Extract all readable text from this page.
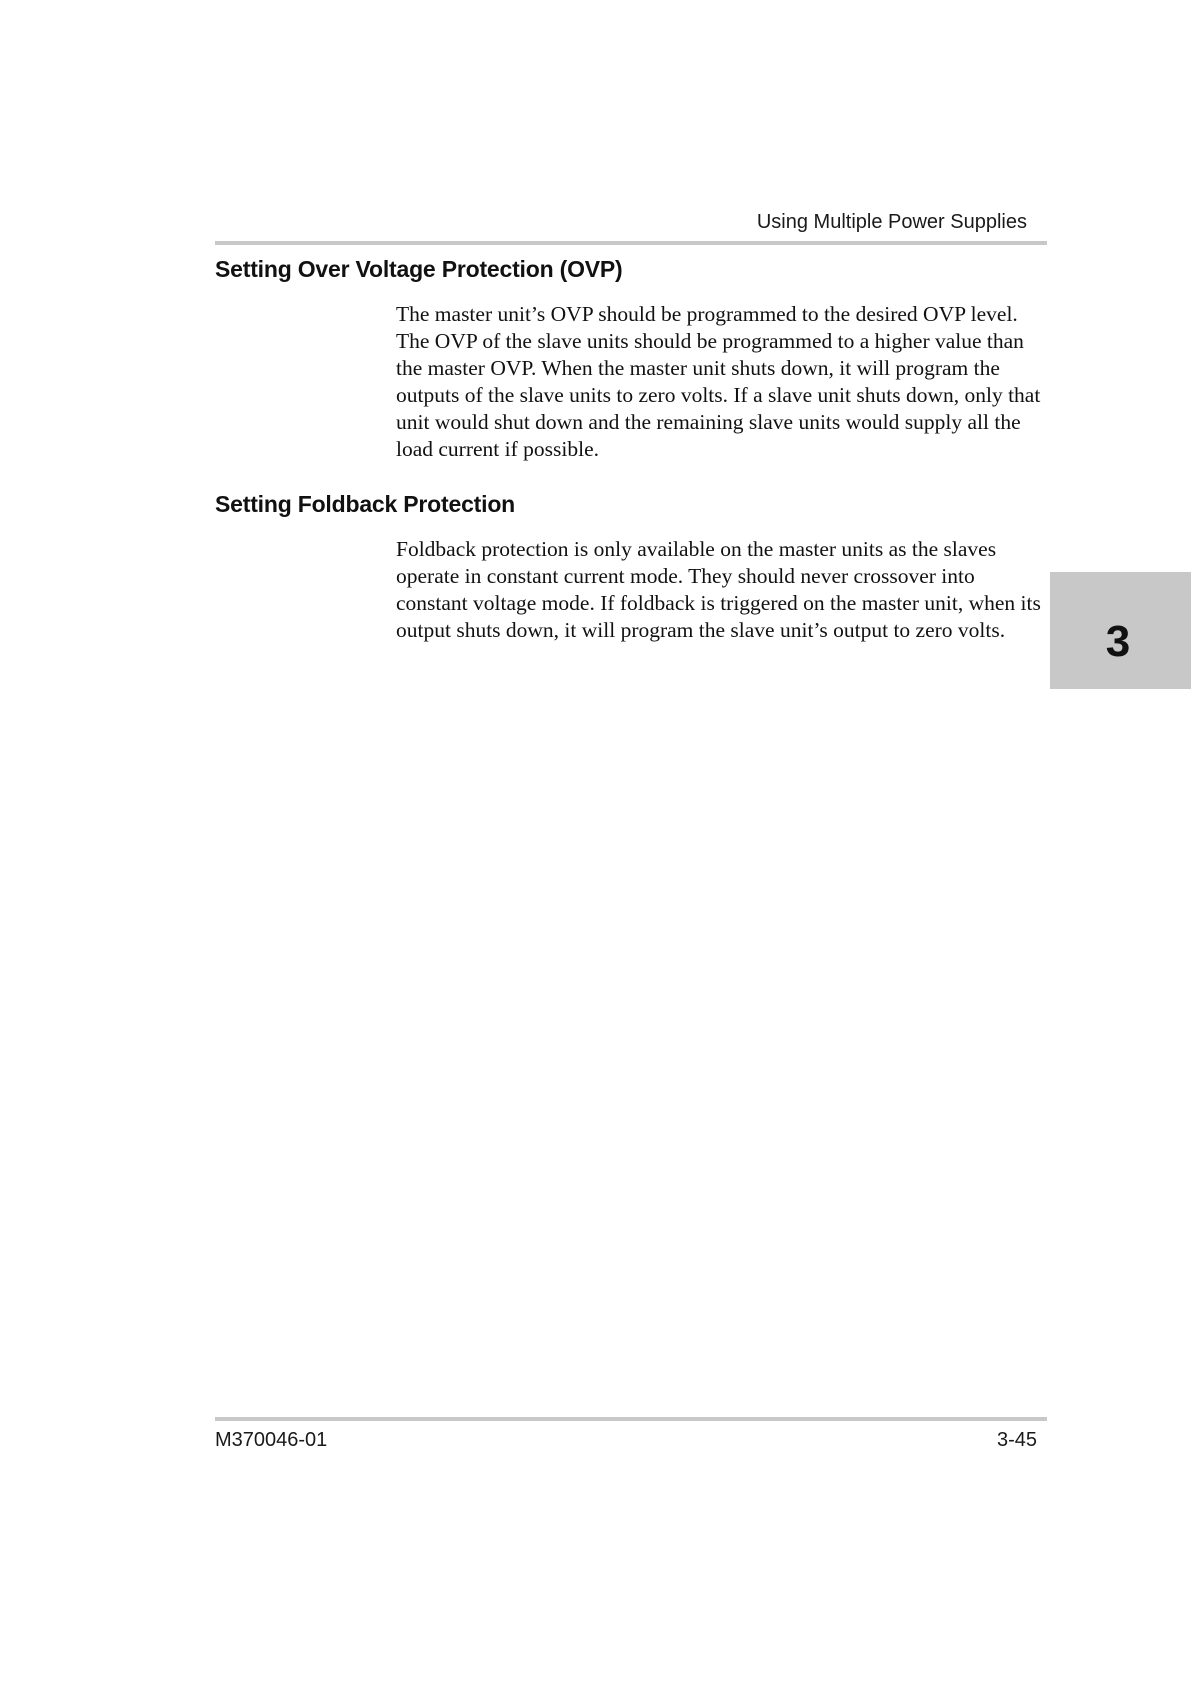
Using Multiple Power Supplies
Setting Over Voltage Protection (OVP)

The master unit’s OVP should be programmed to the desired OVP level. The OVP of the slave units should be programmed to a higher value than the master OVP. When the master unit shuts down, it will program the outputs of the slave units to zero volts. If a slave unit shuts down, only that unit would shut down and the remaining slave units would supply all the load current if possible.

Setting Foldback Protection

Foldback protection is only available on the master units as the slaves operate in constant current mode. They should never crossover into constant voltage mode. If foldback is triggered on the master unit, when its output shuts down, it will program the slave unit’s output to zero volts.	3
M370046-01	3-45
